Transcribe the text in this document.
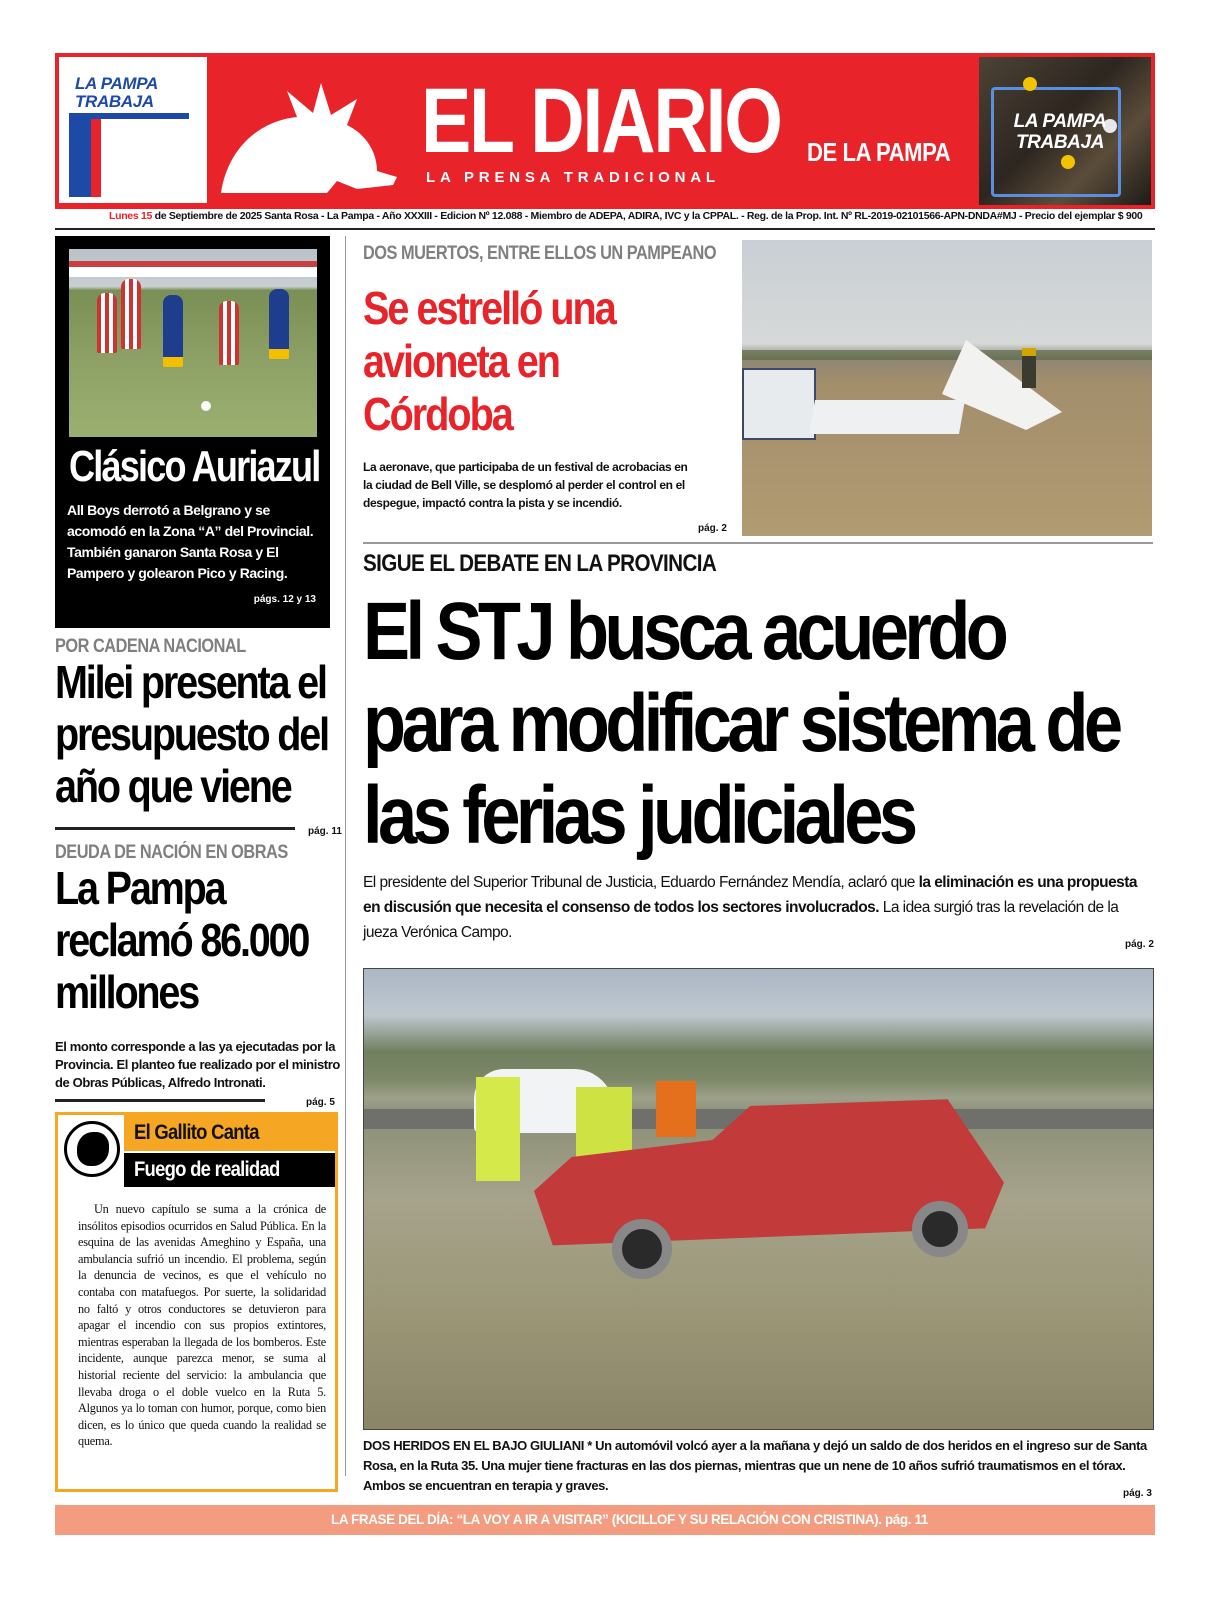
LA PAMPA TRABAJA	EL DIARIO DE LA PAMPA
LA PRENSA TRADICIONAL
LA PAMPA TRABAJA
Lunes 15 de Septiembre de 2025 Santa Rosa - La Pampa - Año XXXIII - Edicion Nº 12.088 - Miembro de ADEPA, ADIRA, IVC y la CPPAL. - Reg. de la Prop. Int. Nº RL-2019-02101566-APN-DNDA#MJ - Precio del ejemplar $ 900
Clásico Auriazul
All Boys derrotó a Belgrano y se acomodó en la Zona “A” del Provincial. También ganaron Santa Rosa y El Pampero y golearon Pico y Racing.
págs. 12 y 13
POR CADENA NACIONAL
Milei presenta el presupuesto del año que viene
pág. 11
DEUDA DE NACIÓN EN OBRAS
La Pampa reclamó 86.000 millones
El monto corresponde a las ya ejecutadas por la Provincia. El planteo fue realizado por el ministro de Obras Públicas, Alfredo Intronati.
pág. 5
El Gallito Canta
Fuego de realidad
Un nuevo capítulo se suma a la crónica de insólitos episodios ocurridos en Salud Pública. En la esquina de las avenidas Ameghino y España, una ambulancia sufrió un incendio. El problema, según la denuncia de vecinos, es que el vehículo no contaba con matafuegos. Por suerte, la solidaridad no faltó y otros conductores se detuvieron para apagar el incendio con sus propios extintores, mientras esperaban la llegada de los bomberos. Este incidente, aunque parezca menor, se suma al historial reciente del servicio: la ambulancia que llevaba droga o el doble vuelco en la Ruta 5. Algunos ya lo toman con humor, porque, como bien dicen, es lo único que queda cuando la realidad se quema.
DOS MUERTOS, ENTRE ELLOS UN PAMPEANO
Se estrelló una avioneta en Córdoba
La aeronave, que participaba de un festival de acrobacias en la ciudad de Bell Ville, se desplomó al perder el control en el despegue, impactó contra la pista y se incendió.
pág. 2
SIGUE EL DEBATE EN LA PROVINCIA
El STJ busca acuerdo para modificar sistema de las ferias judiciales
El presidente del Superior Tribunal de Justicia, Eduardo Fernández Mendía, aclaró que la eliminación es una propuesta en discusión que necesita el consenso de todos los sectores involucrados. La idea surgió tras la revelación de la jueza Verónica Campo.
pág. 2
DOS HERIDOS EN EL BAJO GIULIANI * Un automóvil volcó ayer a la mañana y dejó un saldo de dos heridos en el ingreso sur de Santa Rosa, en la Ruta 35. Una mujer tiene fracturas en las dos piernas, mientras que un nene de 10 años sufrió traumatismos en el tórax. Ambos se encuentran en terapia y graves.
pág. 3
LA FRASE DEL DÍA: “LA VOY A IR A VISITAR” (KICILLOF Y SU RELACIÓN CON CRISTINA). pág. 11
